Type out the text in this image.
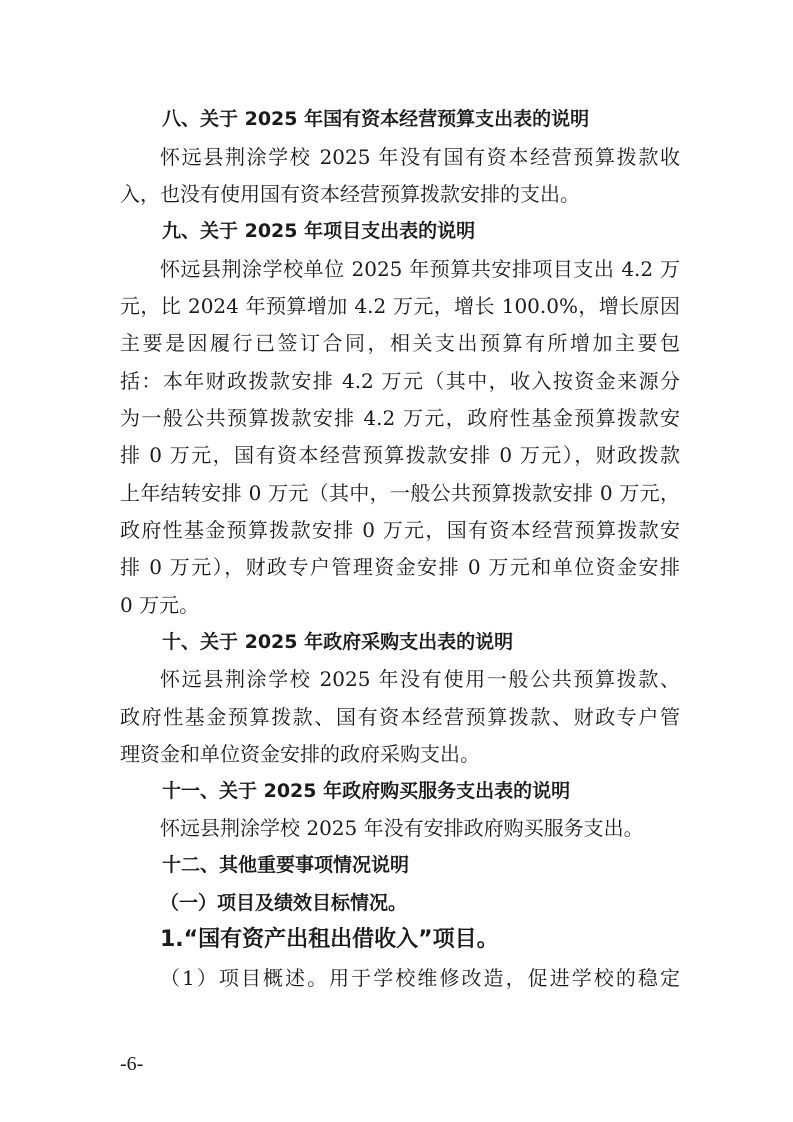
八、关于 2025 年国有资本经营预算支出表的说明

怀远县荆涂学校 2025 年没有国有资本经营预算拨款收

入，也没有使用国有资本经营预算拨款安排的支出。

九、关于 2025 年项目支出表的说明

怀远县荆涂学校单位 2025 年预算共安排项目支出 4.2 万

元，比 2024 年预算增加 4.2 万元，增长 100.0%，增长原因

主要是因履行已签订合同，相关支出预算有所增加主要包

括：本年财政拨款安排 4.2 万元（其中，收入按资金来源分

为一般公共预算拨款安排 4.2 万元，政府性基金预算拨款安

排 0 万元，国有资本经营预算拨款安排 0 万元），财政拨款

上年结转安排 0 万元（其中，一般公共预算拨款安排 0 万元，

政府性基金预算拨款安排 0 万元，国有资本经营预算拨款安

排 0 万元），财政专户管理资金安排 0 万元和单位资金安排

0 万元。

十、关于 2025 年政府采购支出表的说明

怀远县荆涂学校 2025 年没有使用一般公共预算拨款、

政府性基金预算拨款、国有资本经营预算拨款、财政专户管

理资金和单位资金安排的政府采购支出。

十一、关于 2025 年政府购买服务支出表的说明

怀远县荆涂学校 2025 年没有安排政府购买服务支出。

十二、其他重要事项情况说明

（一）项目及绩效目标情况。

1.“国有资产出租出借收入”项目。

（1）项目概述。用于学校维修改造，促进学校的稳定

-6-
